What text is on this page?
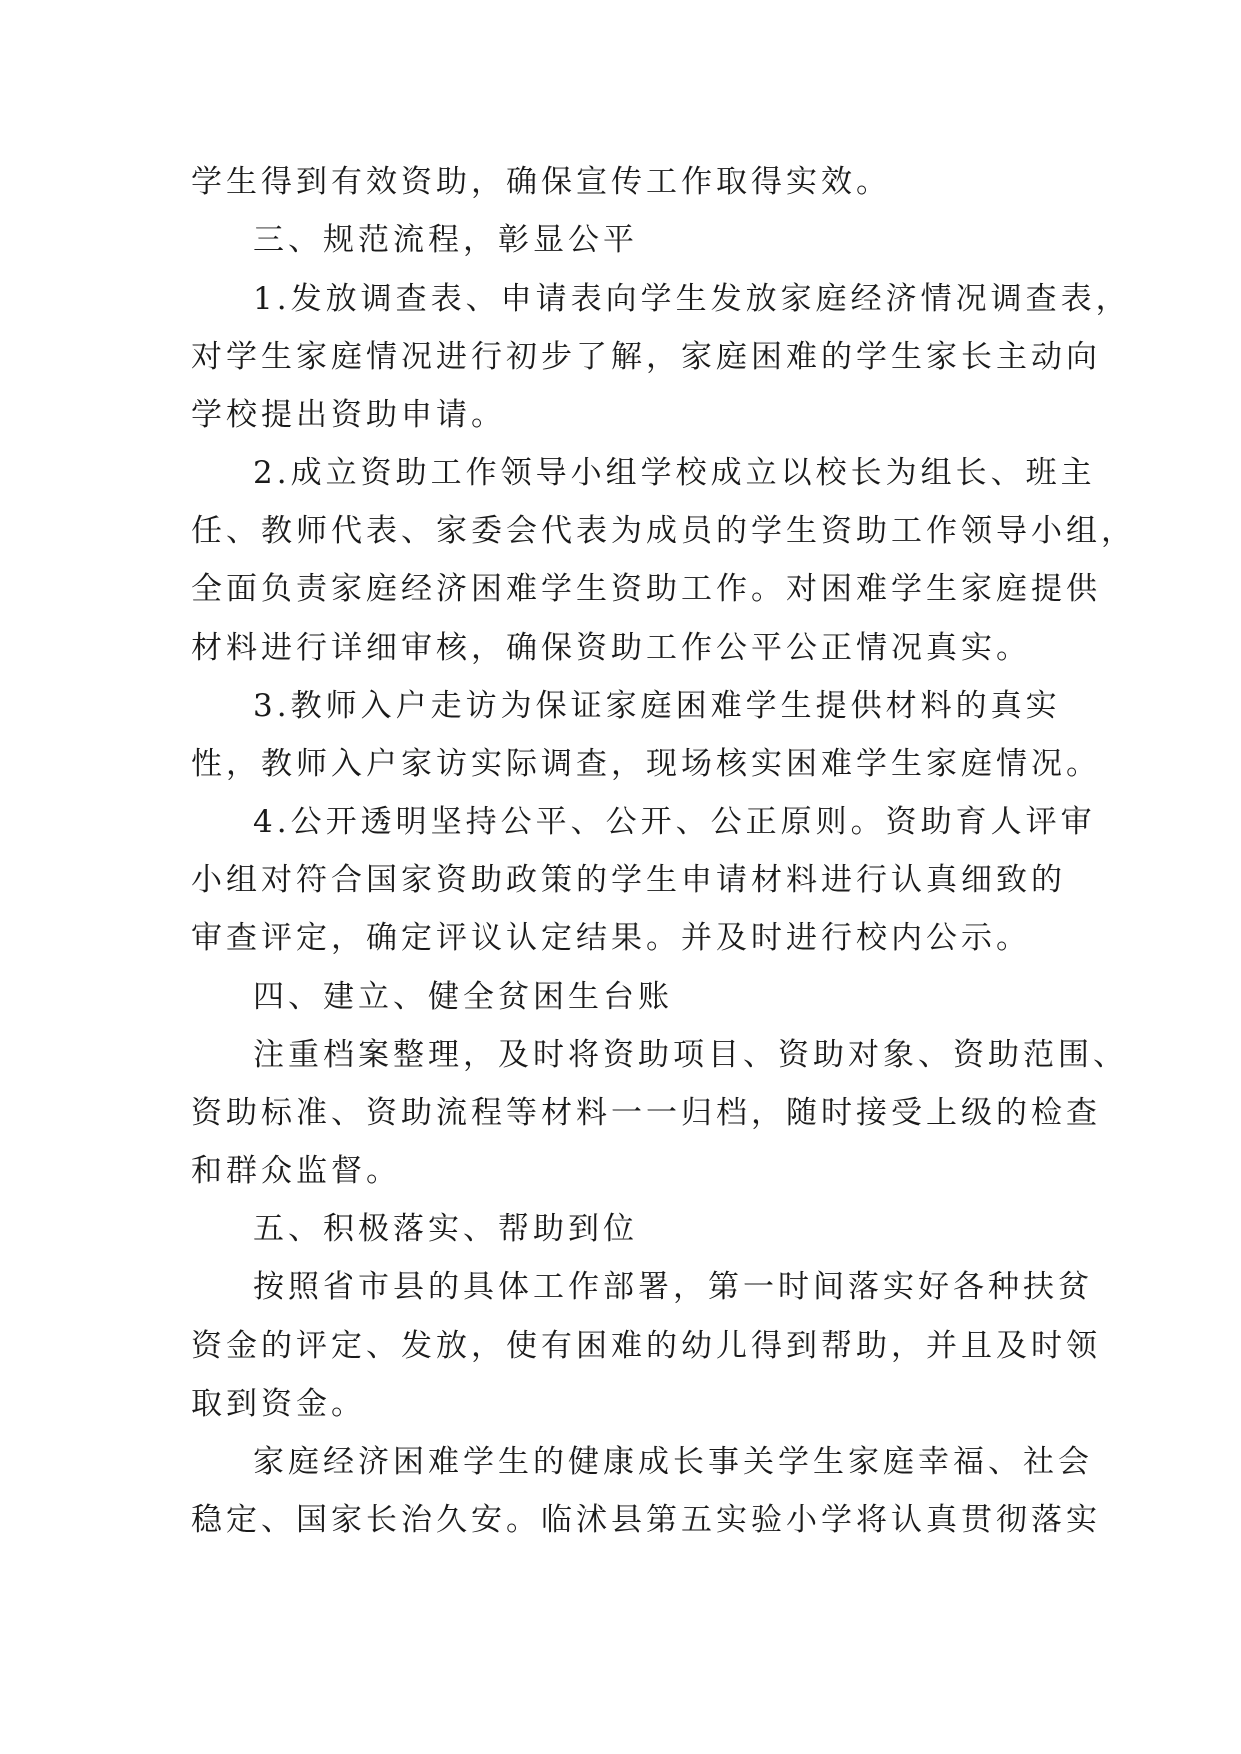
学生得到有效资助，确保宣传工作取得实效。
三、规范流程，彰显公平
1.发放调查表、申请表向学生发放家庭经济情况调查表，
对学生家庭情况进行初步了解，家庭困难的学生家长主动向
学校提出资助申请。
2.成立资助工作领导小组学校成立以校长为组长、班主
任、教师代表、家委会代表为成员的学生资助工作领导小组，
全面负责家庭经济困难学生资助工作。对困难学生家庭提供
材料进行详细审核，确保资助工作公平公正情况真实。
3.教师入户走访为保证家庭困难学生提供材料的真实
性，教师入户家访实际调查，现场核实困难学生家庭情况。
4.公开透明坚持公平、公开、公正原则。资助育人评审
小组对符合国家资助政策的学生申请材料进行认真细致的
审查评定，确定评议认定结果。并及时进行校内公示。
四、建立、健全贫困生台账
注重档案整理，及时将资助项目、资助对象、资助范围、
资助标准、资助流程等材料一一归档，随时接受上级的检查
和群众监督。
五、积极落实、帮助到位
按照省市县的具体工作部署，第一时间落实好各种扶贫
资金的评定、发放，使有困难的幼儿得到帮助，并且及时领
取到资金。
家庭经济困难学生的健康成长事关学生家庭幸福、社会
稳定、国家长治久安。临沭县第五实验小学将认真贯彻落实
